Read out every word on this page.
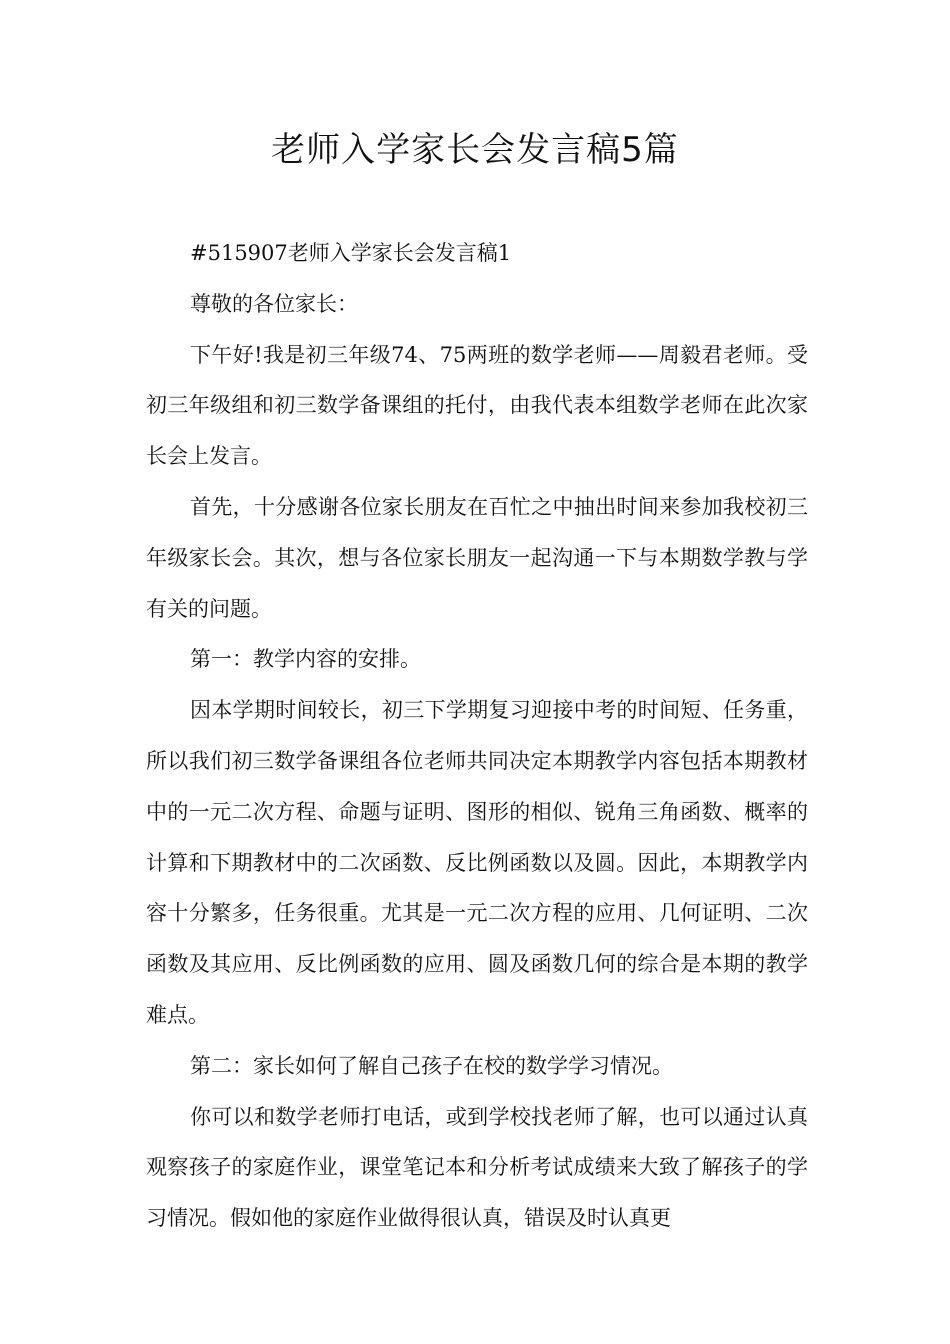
老师入学家长会发言稿5篇

#515907老师入学家长会发言稿1

尊敬的各位家长：

下午好!我是初三年级74、75两班的数学老师——周毅君老师。受初三年级组和初三数学备课组的托付，由我代表本组数学老师在此次家长会上发言。

首先，十分感谢各位家长朋友在百忙之中抽出时间来参加我校初三年级家长会。其次，想与各位家长朋友一起沟通一下与本期数学教与学有关的问题。

第一：教学内容的安排。

因本学期时间较长，初三下学期复习迎接中考的时间短、任务重，所以我们初三数学备课组各位老师共同决定本期教学内容包括本期教材中的一元二次方程、命题与证明、图形的相似、锐角三角函数、概率的计算和下期教材中的二次函数、反比例函数以及圆。因此，本期教学内容十分繁多，任务很重。尤其是一元二次方程的应用、几何证明、二次函数及其应用、反比例函数的应用、圆及函数几何的综合是本期的教学难点。

第二：家长如何了解自己孩子在校的数学学习情况。

你可以和数学老师打电话，或到学校找老师了解，也可以通过认真观察孩子的家庭作业，课堂笔记本和分析考试成绩来大致了解孩子的学习情况。假如他的家庭作业做得很认真，错误及时认真更
